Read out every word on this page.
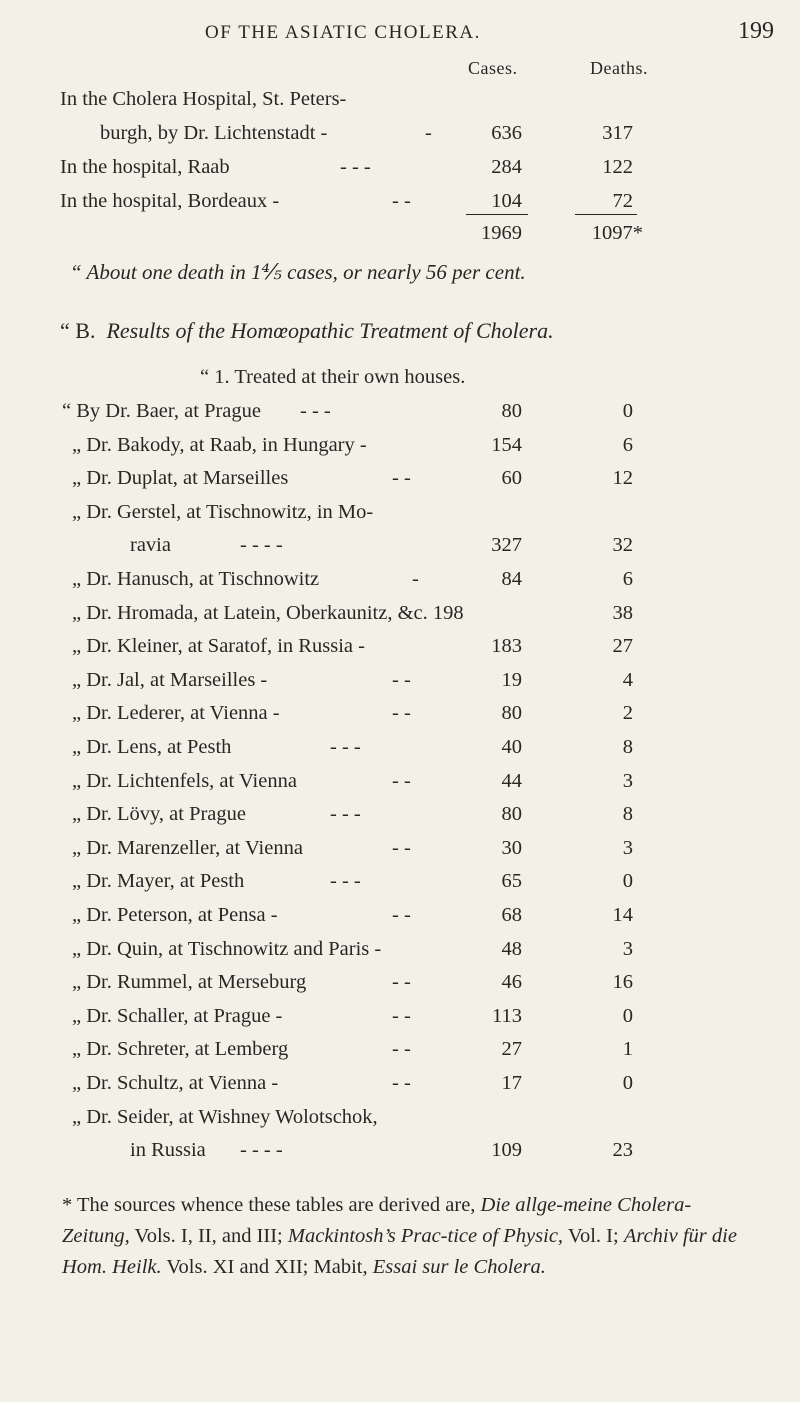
OF THE ASIATIC CHOLERA.	199
Cases.	Deaths.
In the Cholera Hospital, St. Peters-
burgh, by Dr. Lichtenstadt -	-	636	317
In the hospital, Raab	- - -	284	122
In the hospital, Bordeaux -	- -	104	72
1969	1097*
“ About one death in 1⅘ cases, or nearly 56 per cent.
“ B. Results of the Homœopathic Treatment of Cholera.
“ 1. Treated at their own houses.
“ By Dr. Baer, at Prague - - -	80	0
„ Dr. Bakody, at Raab, in Hungary -	154	6
„ Dr. Duplat, at Marseilles	- -	60	12
„ Dr. Gerstel, at Tischnowitz, in Mo-
ravia	- - - -	327	32
„ Dr. Hanusch, at Tischnowitz	-	84	6
„ Dr. Hromada, at Latein, Oberkaunitz, &c. 198	38
„ Dr. Kleiner, at Saratof, in Russia -	183	27
„ Dr. Jal, at Marseilles -	- -	19	4
„ Dr. Lederer, at Vienna -	- -	80	2
„ Dr. Lens, at Pesth	- - -	40	8
„ Dr. Lichtenfels, at Vienna	- -	44	3
„ Dr. Lövy, at Prague	- - -	80	8
„ Dr. Marenzeller, at Vienna	- -	30	3
„ Dr. Mayer, at Pesth	- - -	65	0
„ Dr. Peterson, at Pensa -	- -	68	14
„ Dr. Quin, at Tischnowitz and Paris -	48	3
„ Dr. Rummel, at Merseburg	- -	46	16
„ Dr. Schaller, at Prague -	- -	113	0
„ Dr. Schreter, at Lemberg	- -	27	1
„ Dr. Schultz, at Vienna -	- -	17	0
„ Dr. Seider, at Wishney Wolotschok,
in Russia - - - -	109	23
* The sources whence these tables are derived are, Die allge-meine Cholera-Zeitung, Vols. I, II, and III; Mackintosh’s Prac-tice of Physic, Vol. I; Archiv für die Hom. Heilk. Vols. XI and XII; Mabit, Essai sur le Cholera.
